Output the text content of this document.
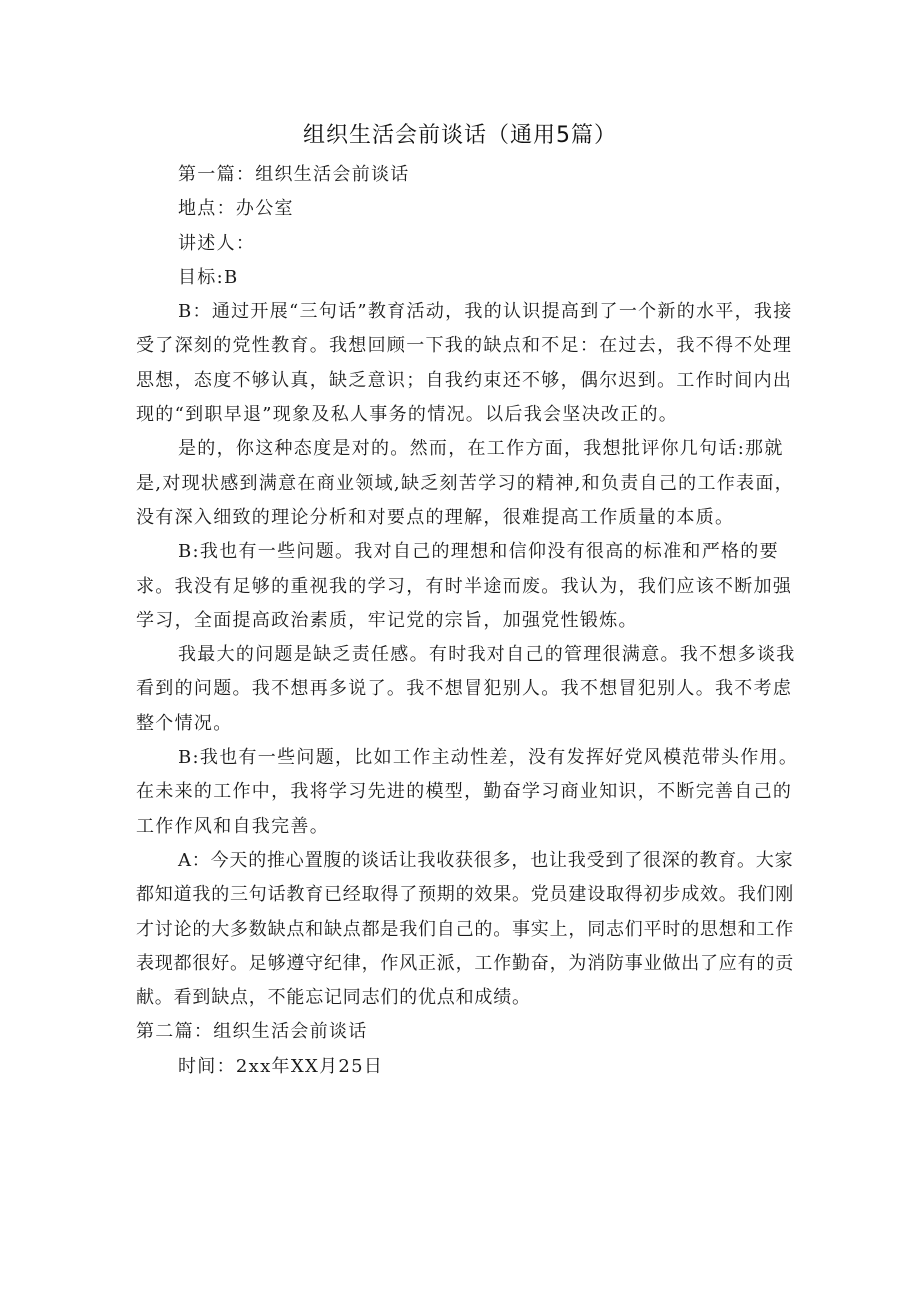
组织生活会前谈话（通用5篇）

第一篇：组织生活会前谈话

地点：办公室

讲述人：

目标:B

B：通过开展“三句话”教育活动，我的认识提高到了一个新的水平，我接受了深刻的党性教育。我想回顾一下我的缺点和不足：在过去，我不得不处理思想，态度不够认真，缺乏意识；自我约束还不够，偶尔迟到。工作时间内出现的“到职早退”现象及私人事务的情况。以后我会坚决改正的。

是的，你这种态度是对的。然而，在工作方面，我想批评你几句话:那就是,对现状感到满意在商业领域,缺乏刻苦学习的精神,和负责自己的工作表面，没有深入细致的理论分析和对要点的理解，很难提高工作质量的本质。

B:我也有一些问题。我对自己的理想和信仰没有很高的标准和严格的要求。我没有足够的重视我的学习，有时半途而废。我认为，我们应该不断加强学习，全面提高政治素质，牢记党的宗旨，加强党性锻炼。

我最大的问题是缺乏责任感。有时我对自己的管理很满意。我不想多谈我看到的问题。我不想再多说了。我不想冒犯别人。我不想冒犯别人。我不考虑整个情况。

B:我也有一些问题，比如工作主动性差，没有发挥好党风模范带头作用。在未来的工作中，我将学习先进的模型，勤奋学习商业知识，不断完善自己的工作作风和自我完善。

A：今天的推心置腹的谈话让我收获很多，也让我受到了很深的教育。大家都知道我的三句话教育已经取得了预期的效果。党员建设取得初步成效。我们刚才讨论的大多数缺点和缺点都是我们自己的。事实上，同志们平时的思想和工作表现都很好。足够遵守纪律，作风正派，工作勤奋，为消防事业做出了应有的贡献。看到缺点，不能忘记同志们的优点和成绩。

第二篇：组织生活会前谈话

时间：2xx年XX月25日
